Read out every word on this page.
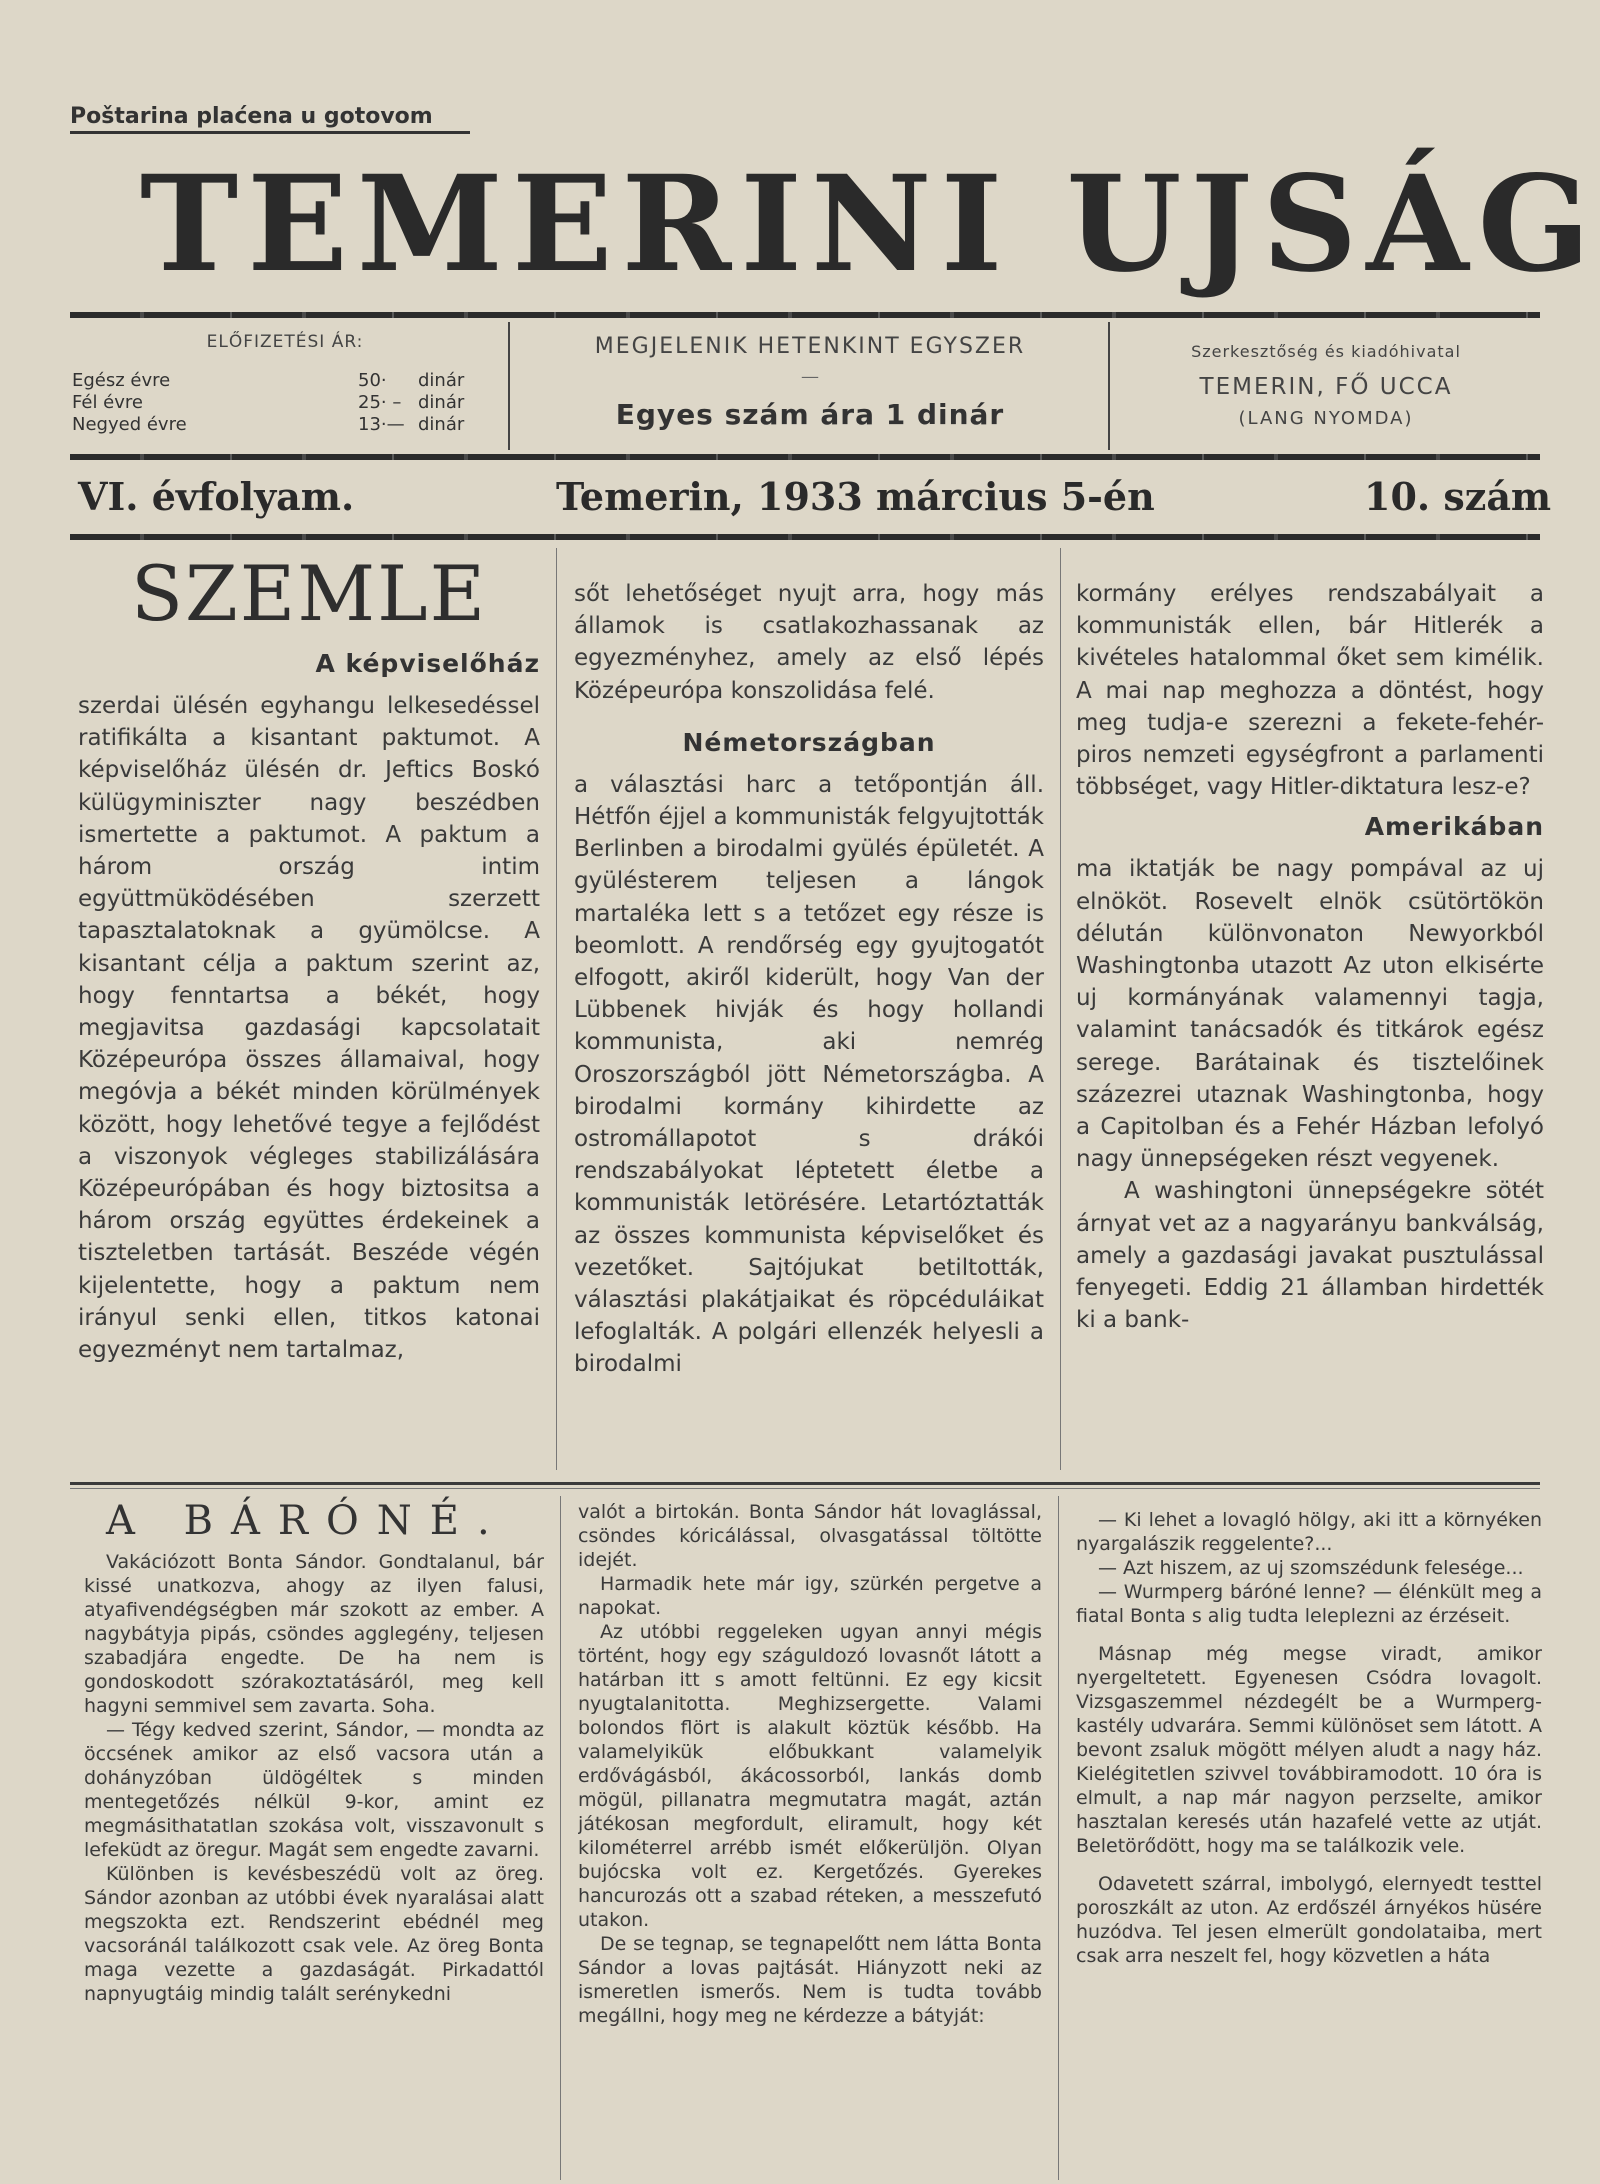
Poštarina plaćena u gotovom
TEMERINI UJSÁG
ELŐFIZETÉSI ÁR:
Egész évre	50· dinár
Fél évre	25· – dinár
Negyed évre	13·— dinár
MEGJELENIK HETENKINT EGYSZER
—
Egyes szám ára 1 dinár
Szerkesztőség és kiadóhivatal
TEMERIN, FŐ UCCA
(LANG NYOMDA)
VI. évfolyam.	Temerin, 1933 március 5-én	10. szám
SZEMLE
A képviselőház

szerdai ülésén egyhangu lelkesedéssel ratifikálta a kisantant paktumot. A képviselőház ülésén dr. Jeftics Boskó külügyminiszter nagy beszédben ismertette a paktumot. A paktum a három ország intim együttmüködésében szerzett tapasztalatoknak a gyümölcse. A kisantant célja a paktum szerint az, hogy fenntartsa a békét, hogy megjavitsa gazdasági kapcsolatait Középeurópa összes államaival, hogy megóvja a békét minden körülmények között, hogy lehetővé tegye a fejlődést a viszonyok végleges stabilizálására Középeurópában és hogy biztositsa a három ország együttes érdekeinek a tiszteletben tartását. Beszéde végén kijelentette, hogy a paktum nem irányul senki ellen, titkos katonai egyezményt nem tartalmaz,

sőt lehetőséget nyujt arra, hogy más államok is csatlakozhassanak az egyezményhez, amely az első lépés Középeurópa konszolidása felé.

Németországban

a választási harc a tetőpontján áll. Hétfőn éjjel a kommunisták felgyujtották Berlinben a birodalmi gyülés épületét. A gyülésterem teljesen a lángok martaléka lett s a tetőzet egy része is beomlott. A rendőrség egy gyujtogatót elfogott, akiről kiderült, hogy Van der Lübbenek hivják és hogy hollandi kommunista, aki nemrég Oroszországból jött Németországba. A birodalmi kormány kihirdette az ostromállapotot s drákói rendszabályokat léptetett életbe a kommunisták letörésére. Letartóztatták az összes kommunista képviselőket és vezetőket. Sajtójukat betiltották, választási plakátjaikat és röpcéduláikat lefoglalták. A polgári ellenzék helyesli a birodalmi

kormány erélyes rendszabályait a kommunisták ellen, bár Hitlerék a kivételes hatalommal őket sem kimélik. A mai nap meghozza a döntést, hogy meg tudja-e szerezni a fekete-fehér-piros nemzeti egységfront a parlamenti többséget, vagy Hitler-diktatura lesz-e?

Amerikában

ma iktatják be nagy pompával az uj elnököt. Rosevelt elnök csütörtökön délután különvonaton Newyorkból Washingtonba utazott Az uton elkisérte uj kormányának valamennyi tagja, valamint tanácsadók és titkárok egész serege. Barátainak és tisztelőinek százezrei utaznak Washingtonba, hogy a Capitolban és a Fehér Házban lefolyó nagy ünnepségeken részt vegyenek.

A washingtoni ünnepségekre sötét árnyat vet az a nagyarányu bankválság, amely a gazdasági javakat pusztulással fenyegeti. Eddig 21 államban hirdették ki a bank-

A BÁRÓNÉ.

Vakációzott Bonta Sándor. Gondtalanul, bár kissé unatkozva, ahogy az ilyen falusi, atyafivendégségben már szokott az ember. A nagybátyja pipás, csöndes agglegény, teljesen szabadjára engedte. De ha nem is gondoskodott szórakoztatásáról, meg kell hagyni semmivel sem zavarta. Soha.

— Tégy kedved szerint, Sándor, — mondta az öccsének amikor az első vacsora után a dohányzóban üldögéltek s minden mentegetőzés nélkül 9-kor, amint ez megmásithatatlan szokása volt, visszavonult s lefeküdt az öregur. Magát sem engedte zavarni.

Különben is kevésbeszédü volt az öreg. Sándor azonban az utóbbi évek nyaralásai alatt megszokta ezt. Rendszerint ebédnél meg vacsoránál találkozott csak vele. Az öreg Bonta maga vezette a gazdaságát. Pirkadattól napnyugtáig mindig talált serénykedni

valót a birtokán. Bonta Sándor hát lovaglással, csöndes kóricálással, olvasgatással töltötte idejét.

Harmadik hete már igy, szürkén pergetve a napokat.

Az utóbbi reggeleken ugyan annyi mégis történt, hogy egy száguldozó lovasnőt látott a határban itt s amott feltünni. Ez egy kicsit nyugtalanitotta. Meghizsergette. Valami bolondos flört is alakult köztük később. Ha valamelyikük előbukkant valamelyik erdővágásból, ákácossorból, lankás domb mögül, pillanatra megmutatra magát, aztán játékosan megfordult, eliramult, hogy két kilométerrel arrébb ismét előkerüljön. Olyan bujócska volt ez. Kergetőzés. Gyerekes hancurozás ott a szabad réteken, a messzefutó utakon.

De se tegnap, se tegnapelőtt nem látta Bonta Sándor a lovas pajtását. Hiányzott neki az ismeretlen ismerős. Nem is tudta tovább megállni, hogy meg ne kérdezze a bátyját:

— Ki lehet a lovagló hölgy, aki itt a környéken nyargalászik reggelente?...

— Azt hiszem, az uj szomszédunk felesége...

— Wurmperg báróné lenne? — élénkült meg a fiatal Bonta s alig tudta leleplezni az érzéseit.

Másnap még megse viradt, amikor nyergeltetett. Egyenesen Csódra lovagolt. Vizsgaszemmel nézdegélt be a Wurmperg-kastély udvarára. Semmi különöset sem látott. A bevont zsaluk mögött mélyen aludt a nagy ház. Kielégitetlen szivvel továbbiramodott. 10 óra is elmult, a nap már nagyon perzselte, amikor hasztalan keresés után hazafelé vette az utját. Beletörődött, hogy ma se találkozik vele.

Odavetett szárral, imbolygó, elernyedt testtel poroszkált az uton. Az erdőszél árnyékos hüsére huzódva. Tel jesen elmerült gondolataiba, mert csak arra neszelt fel, hogy közvetlen a háta
